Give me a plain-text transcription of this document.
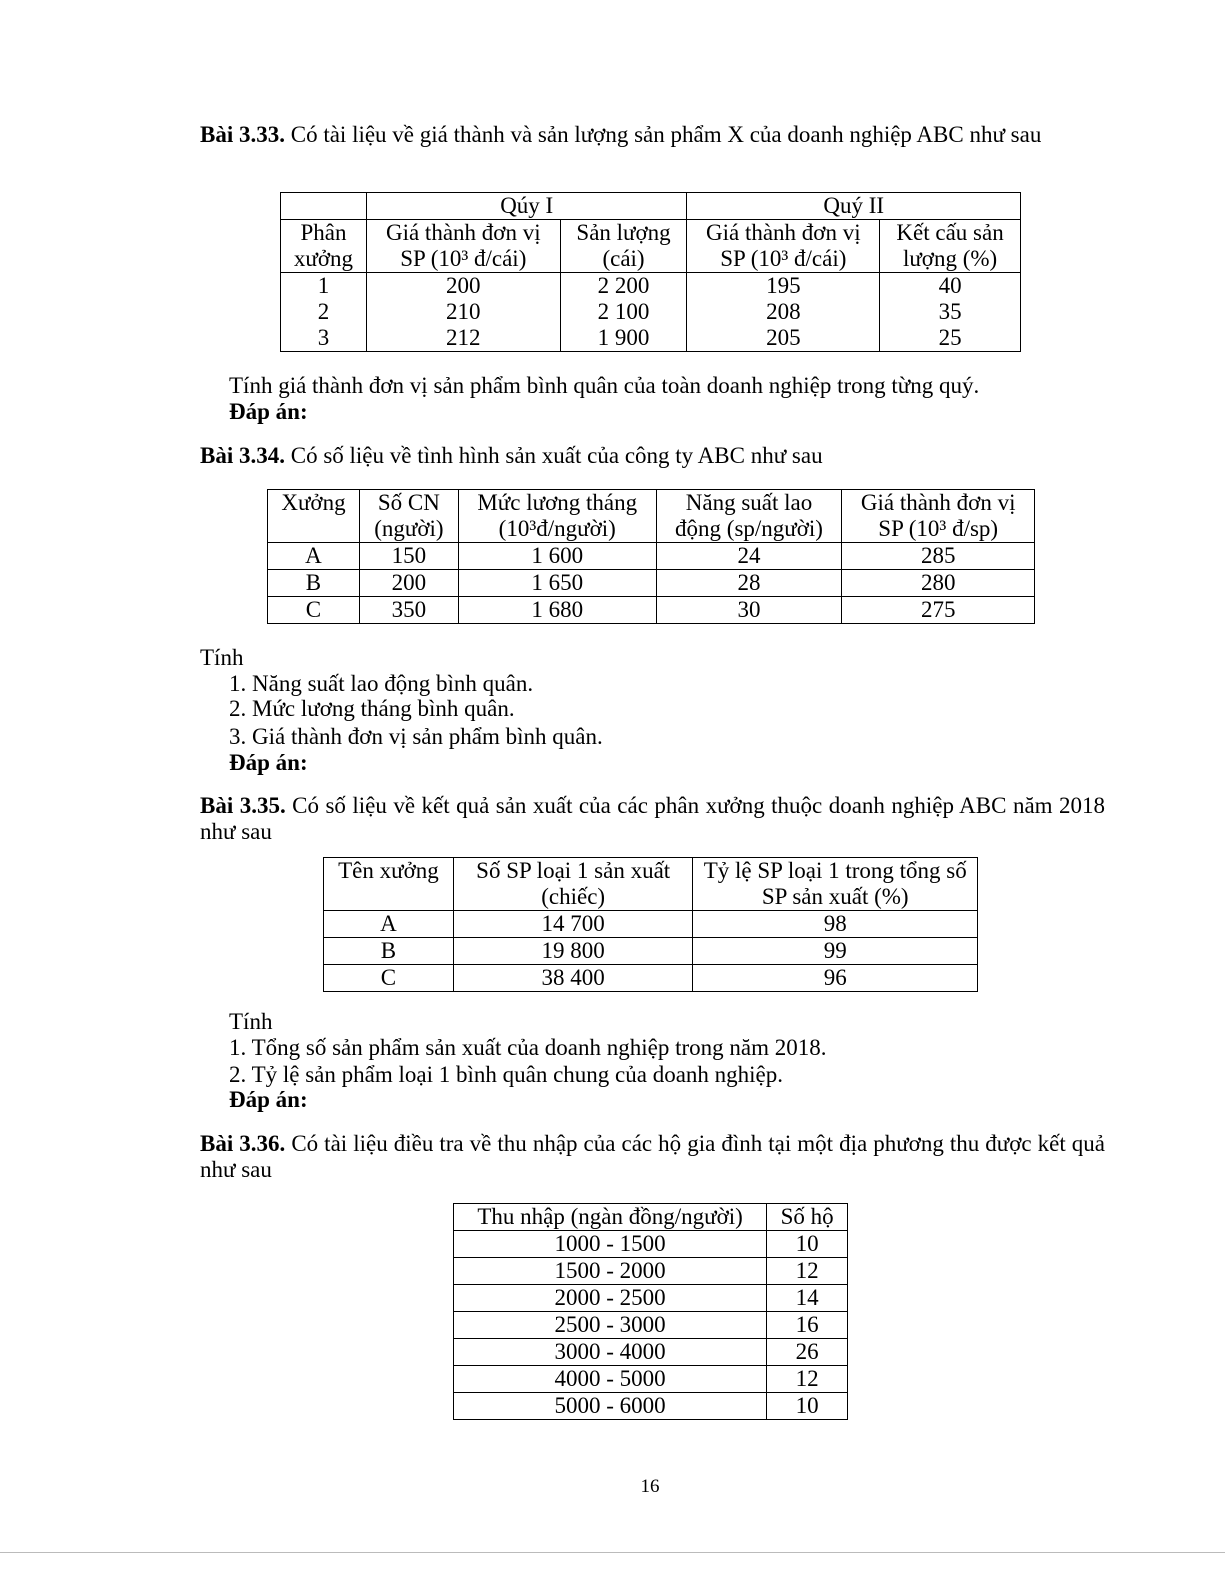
Bài 3.33. Có tài liệu về giá thành và sản lượng sản phẩm X của doanh nghiệp ABC như sau
	Qúy I		Quý II	
Phân xưởng	Giá thành đơn vị SP (10³ đ/cái)	Sản lượng (cái)	Giá thành đơn vị SP (10³ đ/cái)	Kết cấu sản lượng (%)
1	200	2 200	195	40
2	210	2 100	208	35
3	212	1 900	205	25
Tính giá thành đơn vị sản phẩm bình quân của toàn doanh nghiệp trong từng quý.
Đáp án:
Bài 3.34. Có số liệu về tình hình sản xuất của công ty ABC như sau
Xưởng	Số CN (người)	Mức lương tháng (10³đ/người)	Năng suất lao động (sp/người)	Giá thành đơn vị SP (10³ đ/sp)
A	150	1 600	24	285
B	200	1 650	28	280
C	350	1 680	30	275
Tính
1. Năng suất lao động bình quân.
2. Mức lương tháng bình quân.
3. Giá thành đơn vị sản phẩm bình quân.
Đáp án:
Bài 3.35. Có số liệu về kết quả sản xuất của các phân xưởng thuộc doanh nghiệp ABC năm 2018 như sau
Tên xưởng	Số SP loại 1 sản xuất (chiếc)	Tỷ lệ SP loại 1 trong tổng số SP sản xuất (%)
A	14 700	98
B	19 800	99
C	38 400	96
Tính
1. Tổng số sản phẩm sản xuất của doanh nghiệp trong năm 2018.
2. Tỷ lệ sản phẩm loại 1 bình quân chung của doanh nghiệp.
Đáp án:
Bài 3.36. Có tài liệu điều tra về thu nhập của các hộ gia đình tại một địa phương thu được kết quả như sau
Thu nhập (ngàn đồng/người)	Số hộ
1000 - 1500	10
1500 - 2000	12
2000 - 2500	14
2500 - 3000	16
3000 - 4000	26
4000 - 5000	12
5000 - 6000	10
16
